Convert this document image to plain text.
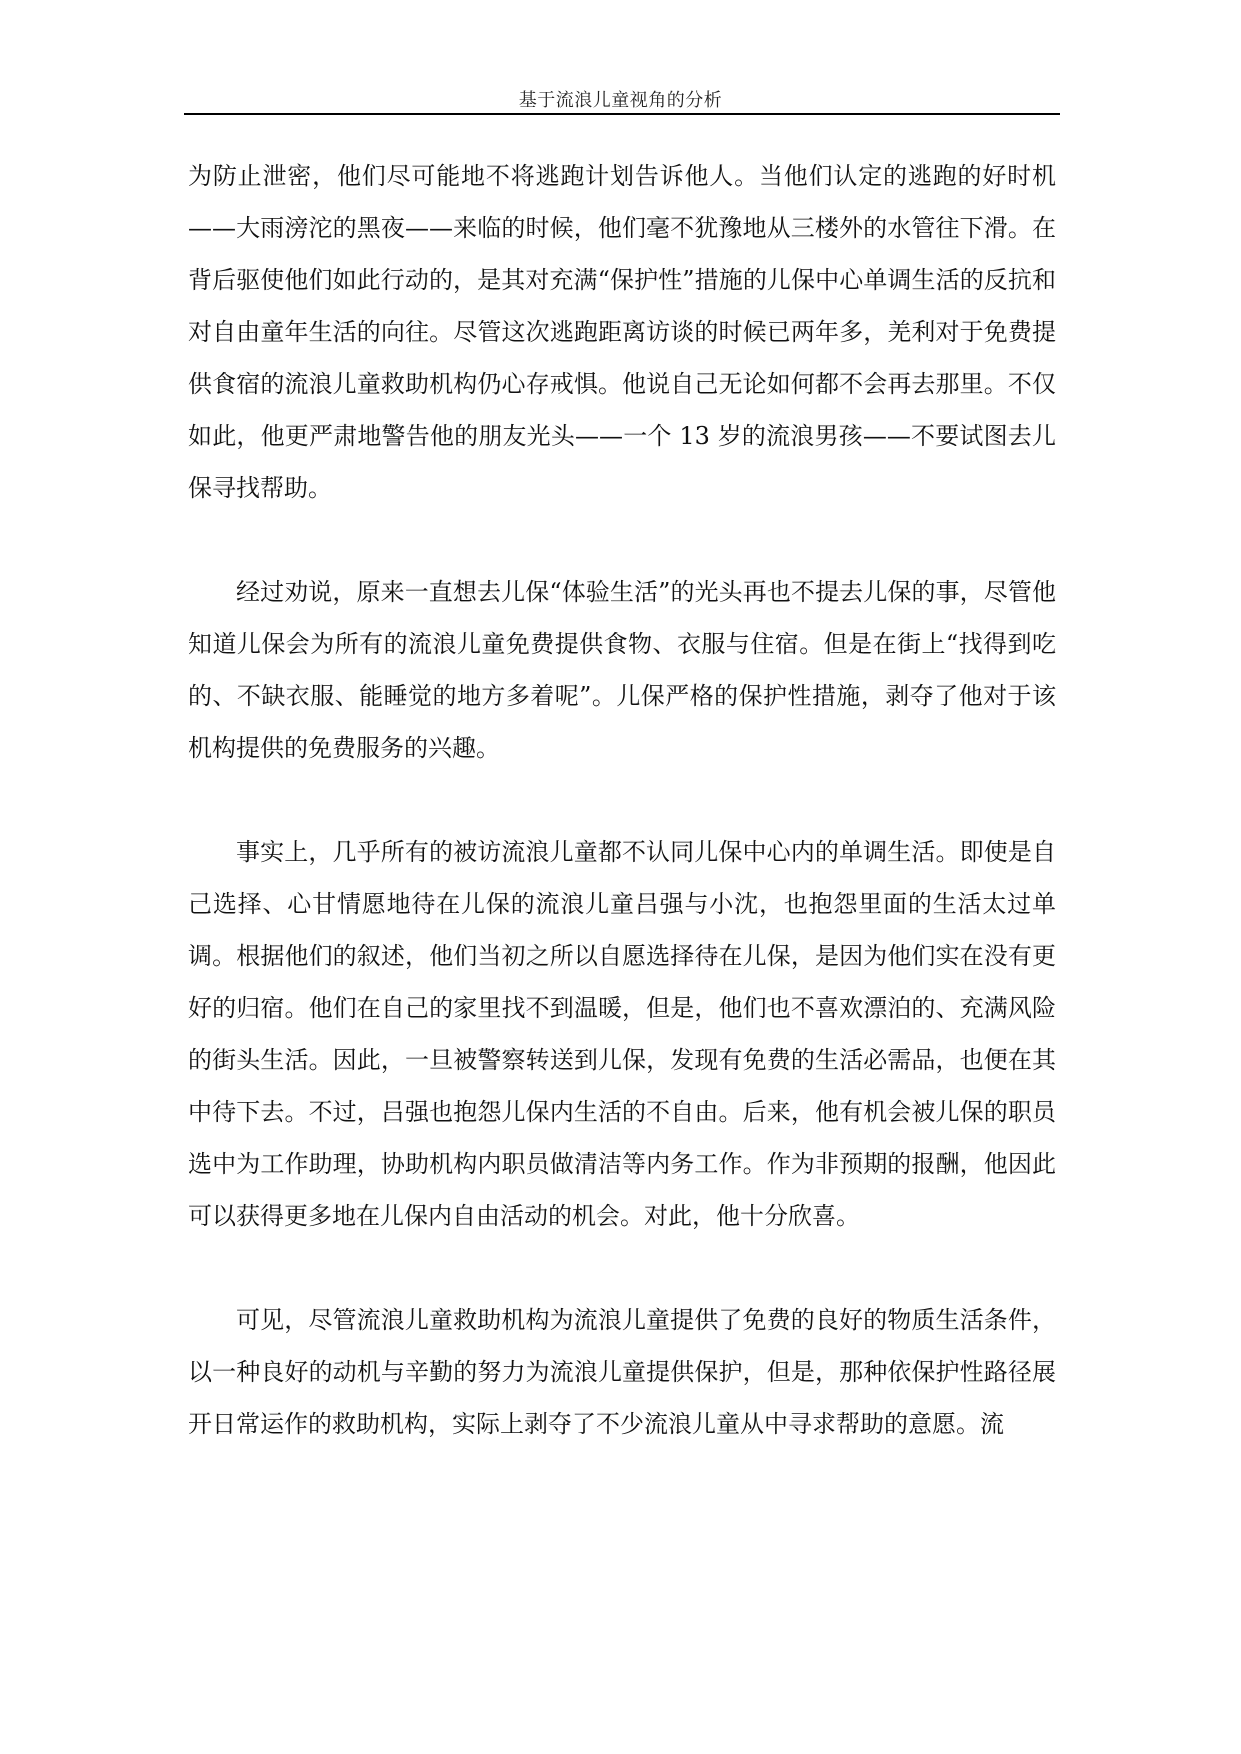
基于流浪儿童视角的分析

为防止泄密，他们尽可能地不将逃跑计划告诉他人。当他们认定的逃跑的好时机——大雨滂沱的黑夜——来临的时候，他们毫不犹豫地从三楼外的水管往下滑。在背后驱使他们如此行动的，是其对充满“保护性”措施的儿保中心单调生活的反抗和对自由童年生活的向往。尽管这次逃跑距离访谈的时候已两年多，羌利对于免费提供食宿的流浪儿童救助机构仍心存戒惧。他说自己无论如何都不会再去那里。不仅如此，他更严肃地警告他的朋友光头——一个 13 岁的流浪男孩——不要试图去儿保寻找帮助。

经过劝说，原来一直想去儿保“体验生活”的光头再也不提去儿保的事，尽管他知道儿保会为所有的流浪儿童免费提供食物、衣服与住宿。但是在街上“找得到吃的、不缺衣服、能睡觉的地方多着呢”。儿保严格的保护性措施，剥夺了他对于该机构提供的免费服务的兴趣。

事实上，几乎所有的被访流浪儿童都不认同儿保中心内的单调生活。即使是自己选择、心甘情愿地待在儿保的流浪儿童吕强与小沈，也抱怨里面的生活太过单调。根据他们的叙述，他们当初之所以自愿选择待在儿保，是因为他们实在没有更好的归宿。他们在自己的家里找不到温暖，但是，他们也不喜欢漂泊的、充满风险的街头生活。因此，一旦被警察转送到儿保，发现有免费的生活必需品，也便在其中待下去。不过，吕强也抱怨儿保内生活的不自由。后来，他有机会被儿保的职员选中为工作助理，协助机构内职员做清洁等内务工作。作为非预期的报酬，他因此可以获得更多地在儿保内自由活动的机会。对此，他十分欣喜。

可见，尽管流浪儿童救助机构为流浪儿童提供了免费的良好的物质生活条件，以一种良好的动机与辛勤的努力为流浪儿童提供保护，但是，那种依保护性路径展开日常运作的救助机构，实际上剥夺了不少流浪儿童从中寻求帮助的意愿。流
